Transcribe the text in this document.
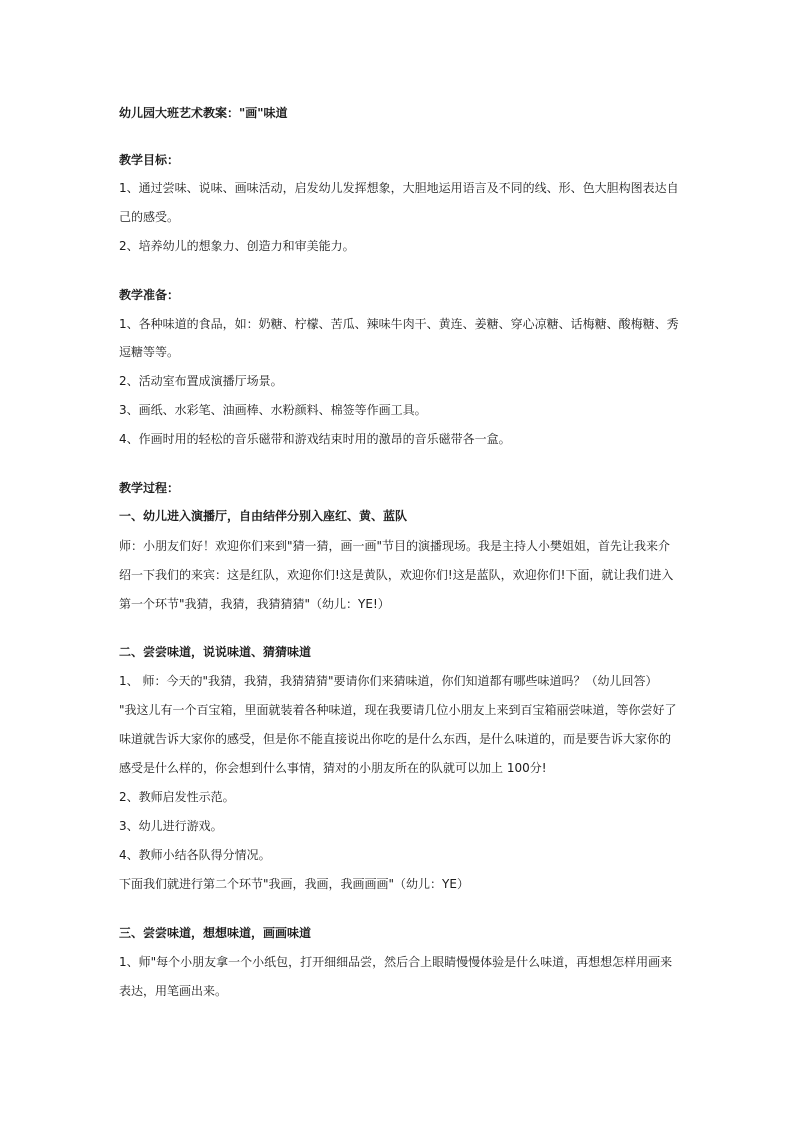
幼儿园大班艺术教案："画"味道
教学目标：
1、通过尝味、说味、画味活动，启发幼儿发挥想象，大胆地运用语言及不同的线、形、色大胆构图表达自
己的感受。
2、培养幼儿的想象力、创造力和审美能力。
教学准备：
1、各种味道的食品，如：奶糖、柠檬、苦瓜、辣味牛肉干、黄连、姜糖、穿心凉糖、话梅糖、酸梅糖、秀
逗糖等等。
2、活动室布置成演播厅场景。
3、画纸、水彩笔、油画棒、水粉颜料、棉签等作画工具。
4、作画时用的轻松的音乐磁带和游戏结束时用的激昂的音乐磁带各一盒。
教学过程：
一、幼儿进入演播厅，自由结伴分别入座红、黄、蓝队
师：小朋友们好！欢迎你们来到"猜一猜，画一画"节目的演播现场。我是主持人小樊姐姐，首先让我来介
绍一下我们的来宾：这是红队，欢迎你们!这是黄队，欢迎你们!这是蓝队，欢迎你们!下面，就让我们进入
第一个环节"我猜，我猜，我猜猜猜"（幼儿：YE!）
二、尝尝味道，说说味道、猜猜味道
1、 师：今天的"我猜，我猜，我猜猜猜"要请你们来猜味道，你们知道都有哪些味道吗？（幼儿回答）
"我这儿有一个百宝箱，里面就装着各种味道，现在我要请几位小朋友上来到百宝箱丽尝味道，等你尝好了
味道就告诉大家你的感受，但是你不能直接说出你吃的是什么东西，是什么味道的，而是要告诉大家你的
感受是什么样的，你会想到什么事情，猜对的小朋友所在的队就可以加上 100分!
2、教师启发性示范。
3、幼儿进行游戏。
4、教师小结各队得分情况。
下面我们就进行第二个环节"我画，我画，我画画画"（幼儿：YE）
三、尝尝味道，想想味道，画画味道
1、师"每个小朋友拿一个小纸包，打开细细品尝，然后合上眼睛慢慢体验是什么味道，再想想怎样用画来
表达，用笔画出来。
